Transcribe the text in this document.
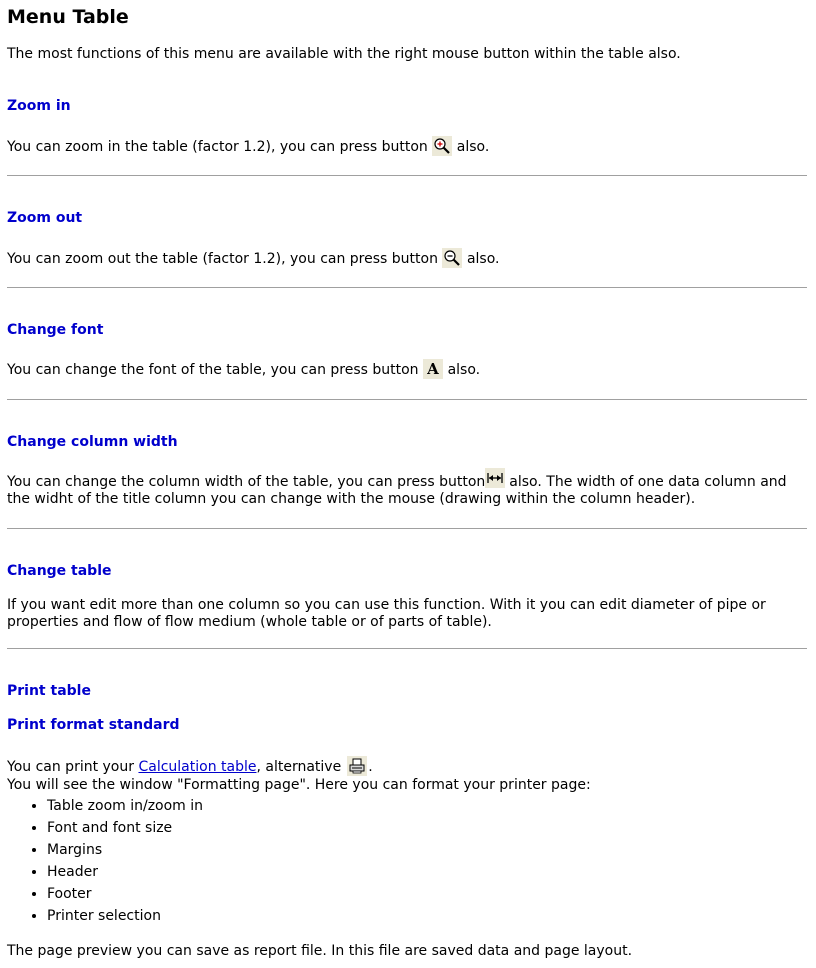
Menu Table
The most functions of this menu are available with the right mouse button within the table also.
Zoom in
You can zoom in the table (factor 1.2), you can press button also.
Zoom out
You can zoom out the table (factor 1.2), you can press button also.
Change font
You can change the font of the table, you can press button A also.
Change column width
You can change the column width of the table, you can press button also. The width of one data column and the widht of the title column you can change with the mouse (drawing within the column header).
Change table
If you want edit more than one column so you can use this function. With it you can edit diameter of pipe or properties and flow of flow medium (whole table or of parts of table).
Print table
Print format standard
You can print your
Calculation table , alternative .
You will see the window "Formatting page". Here you can format your printer page:
• Table zoom in/zoom in
• Font and font size
• Margins
• Header
• Footer
• Printer selection
The page preview you can save as report file. In this file are saved data and page layout.
